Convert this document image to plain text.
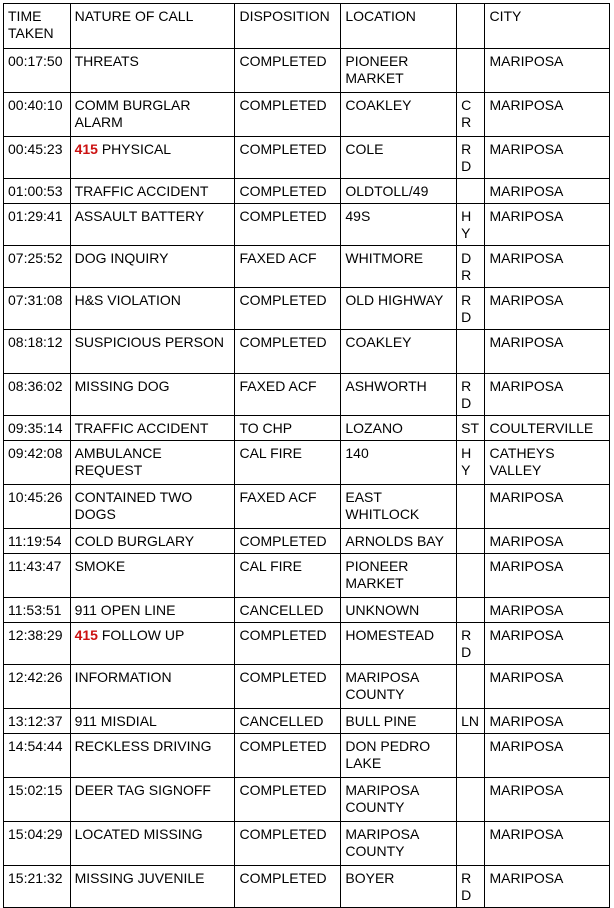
TIME TAKEN	NATURE OF CALL	DISPOSITION	LOCATION		CITY
00:17:50	THREATS	COMPLETED	PIONEER MARKET		MARIPOSA
00:40:10	COMM BURGLAR ALARM	COMPLETED	COAKLEY	CR	MARIPOSA
00:45:23	415 PHYSICAL	COMPLETED	COLE	RD	MARIPOSA
01:00:53	TRAFFIC ACCIDENT	COMPLETED	OLDTOLL/49		MARIPOSA
01:29:41	ASSAULT BATTERY	COMPLETED	49S	HY	MARIPOSA
07:25:52	DOG INQUIRY	FAXED ACF	WHITMORE	DR	MARIPOSA
07:31:08	H&S VIOLATION	COMPLETED	OLD HIGHWAY	RD	MARIPOSA
08:18:12	SUSPICIOUS PERSON	COMPLETED	COAKLEY		MARIPOSA
08:36:02	MISSING DOG	FAXED ACF	ASHWORTH	RD	MARIPOSA
09:35:14	TRAFFIC ACCIDENT	TO CHP	LOZANO	ST	COULTERVILLE
09:42:08	AMBULANCE REQUEST	CAL FIRE	140	HY	CATHEYS VALLEY
10:45:26	CONTAINED TWO DOGS	FAXED ACF	EAST WHITLOCK		MARIPOSA
11:19:54	COLD BURGLARY	COMPLETED	ARNOLDS BAY		MARIPOSA
11:43:47	SMOKE	CAL FIRE	PIONEER MARKET		MARIPOSA
11:53:51	911 OPEN LINE	CANCELLED	UNKNOWN		MARIPOSA
12:38:29	415 FOLLOW UP	COMPLETED	HOMESTEAD	RD	MARIPOSA
12:42:26	INFORMATION	COMPLETED	MARIPOSA COUNTY		MARIPOSA
13:12:37	911 MISDIAL	CANCELLED	BULL PINE	LN	MARIPOSA
14:54:44	RECKLESS DRIVING	COMPLETED	DON PEDRO LAKE		MARIPOSA
15:02:15	DEER TAG SIGNOFF	COMPLETED	MARIPOSA COUNTY		MARIPOSA
15:04:29	LOCATED MISSING	COMPLETED	MARIPOSA COUNTY		MARIPOSA
15:21:32	MISSING JUVENILE	COMPLETED	BOYER	RD	MARIPOSA
